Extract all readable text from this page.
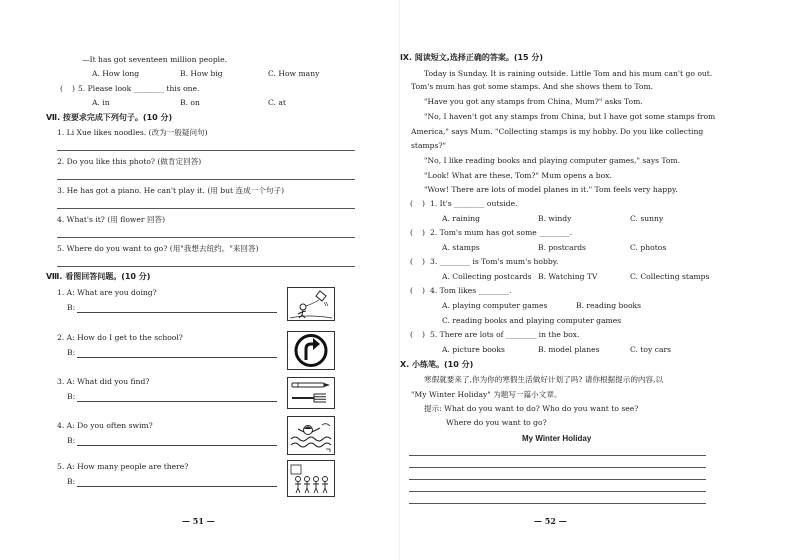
—It has got seventeen million people.
A. How long	B. How big	C. How many
( ) 5. Please look ________ this one.
A. in	B. on	C. at
Ⅶ. 按要求完成下列句子。(10 分)
1. Li Xue likes noodles. (改为一般疑问句)
2. Do you like this photo? (做肯定回答)
3. He has got a piano. He can't play it. (用 but 连成一个句子)
4. What's it? (用 flower 回答)
5. Where do you want to go? (用"我想去纽约。"来回答)
Ⅷ. 看图回答问题。(10 分)
1. A: What are you doing?
B:
2. A: How do I get to the school?
B:
3. A: What did you find?
B:
4. A: Do you often swim?
B:
5. A: How many people are there?
B:
— 51 —
Ⅸ. 阅读短文,选择正确的答案。(15 分)
Today is Sunday. It is raining outside. Little Tom and his mum can't go out.
Tom's mum has got some stamps. And she shows them to Tom.
"Have you got any stamps from China, Mum?" asks Tom.
"No, I haven't got any stamps from China, but I have got some stamps from
America," says Mum. "Collecting stamps is my hobby. Do you like collecting
stamps?"
"No, I like reading books and playing computer games," says Tom.
"Look! What are these, Tom?" Mum opens a box.
"Wow! There are lots of model planes in it." Tom feels very happy.
( ) 1. It's ________ outside.
A. raining	B. windy	C. sunny
( ) 2. Tom's mum has got some ________.
A. stamps	B. postcards	C. photos
( ) 3. ________ is Tom's mum's hobby.
A. Collecting postcards B. Watching TV	C. Collecting stamps
( ) 4. Tom likes ________.
A. playing computer games	B. reading books
C. reading books and playing computer games
( ) 5. There are lots of ________ in the box.
A. picture books	B. model planes	C. toy cars
Ⅹ. 小练笔。(10 分)
寒假就要来了,你为你的寒假生活做好计划了吗? 请你根据提示的内容,以
"My Winter Holiday" 为题写一篇小文章。
提示: What do you want to do? Who do you want to see?
Where do you want to go?
My Winter Holiday
— 52 —
